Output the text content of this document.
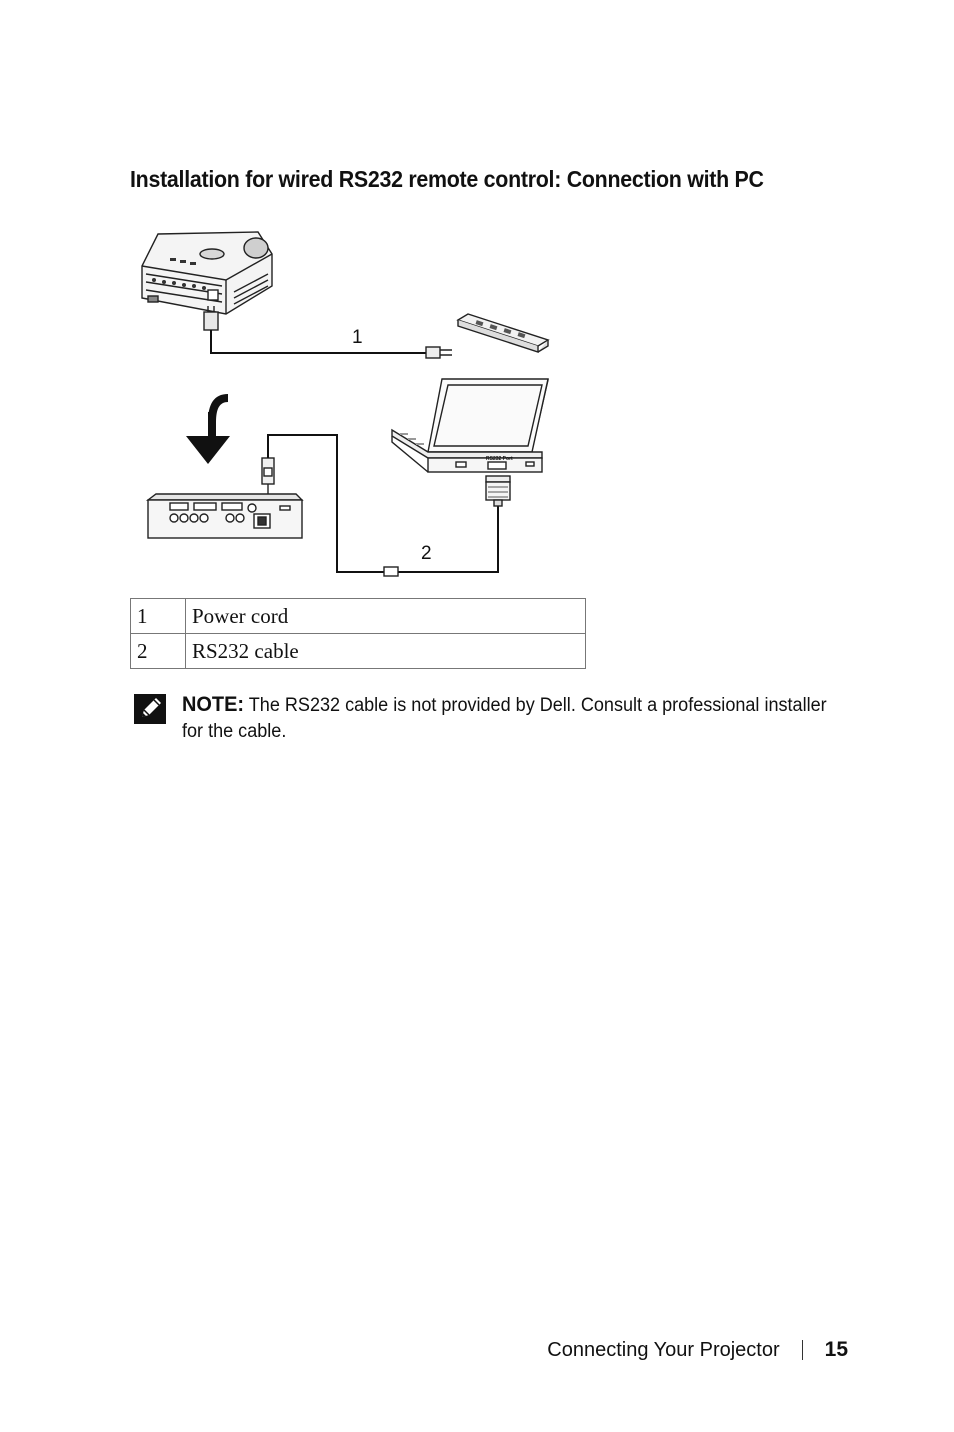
Installation for wired RS232 remote control: Connection with PC
1
2
RS232 Port
1	Power cord
2	RS232 cable
NOTE: The RS232 cable is not provided by Dell. Consult a professional installer for the cable.
Connecting Your Projector 15
